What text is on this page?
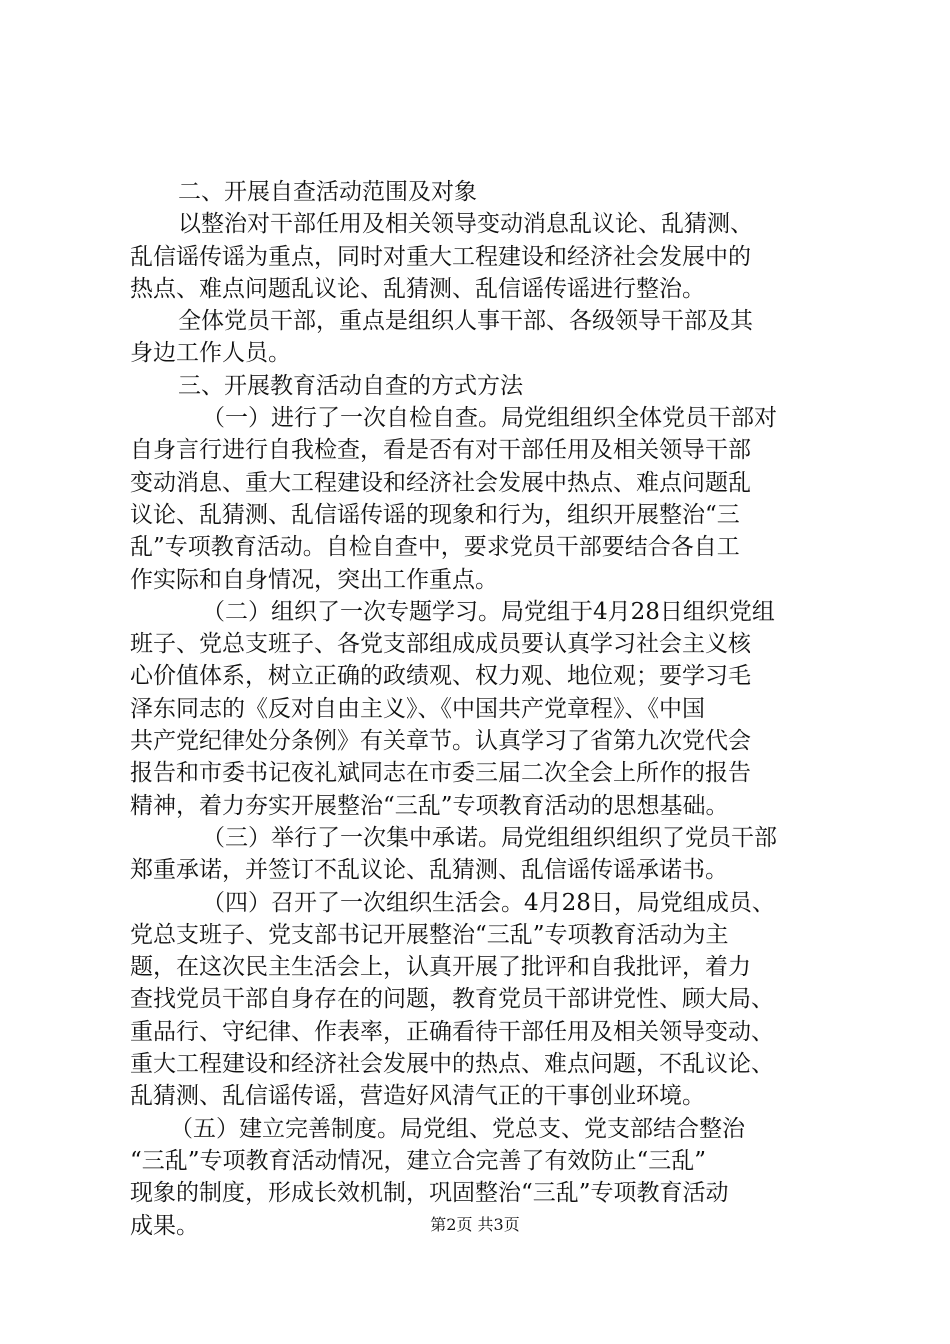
二、开展自查活动范围及对象
以整治对干部任用及相关领导变动消息乱议论、乱猜测、
乱信谣传谣为重点，同时对重大工程建设和经济社会发展中的
热点、难点问题乱议论、乱猜测、乱信谣传谣进行整治。
全体党员干部，重点是组织人事干部、各级领导干部及其
身边工作人员。
三、开展教育活动自查的方式方法
（一）进行了一次自检自查。局党组组织全体党员干部对
自身言行进行自我检查，看是否有对干部任用及相关领导干部
变动消息、重大工程建设和经济社会发展中热点、难点问题乱
议论、乱猜测、乱信谣传谣的现象和行为，组织开展整治“三
乱”专项教育活动。自检自查中，要求党员干部要结合各自工
作实际和自身情况，突出工作重点。
（二）组织了一次专题学习。局党组于4月28日组织党组
班子、党总支班子、各党支部组成成员要认真学习社会主义核
心价值体系，树立正确的政绩观、权力观、地位观；要学习毛
泽东同志的《反对自由主义》、《中国共产党章程》、《中国
共产党纪律处分条例》有关章节。认真学习了省第九次党代会
报告和市委书记夜礼斌同志在市委三届二次全会上所作的报告
精神，着力夯实开展整治“三乱”专项教育活动的思想基础。
（三）举行了一次集中承诺。局党组组织组织了党员干部
郑重承诺，并签订不乱议论、乱猜测、乱信谣传谣承诺书。
（四）召开了一次组织生活会。4月28日，局党组成员、
党总支班子、党支部书记开展整治“三乱”专项教育活动为主
题，在这次民主生活会上，认真开展了批评和自我批评，着力
查找党员干部自身存在的问题，教育党员干部讲党性、顾大局、
重品行、守纪律、作表率，正确看待干部任用及相关领导变动、
重大工程建设和经济社会发展中的热点、难点问题，不乱议论、
乱猜测、乱信谣传谣，营造好风清气正的干事创业环境。
（五）建立完善制度。局党组、党总支、党支部结合整治
“三乱”专项教育活动情况，建立合完善了有效防止“三乱”
现象的制度，形成长效机制，巩固整治“三乱”专项教育活动
成果。	第2页 共3页
